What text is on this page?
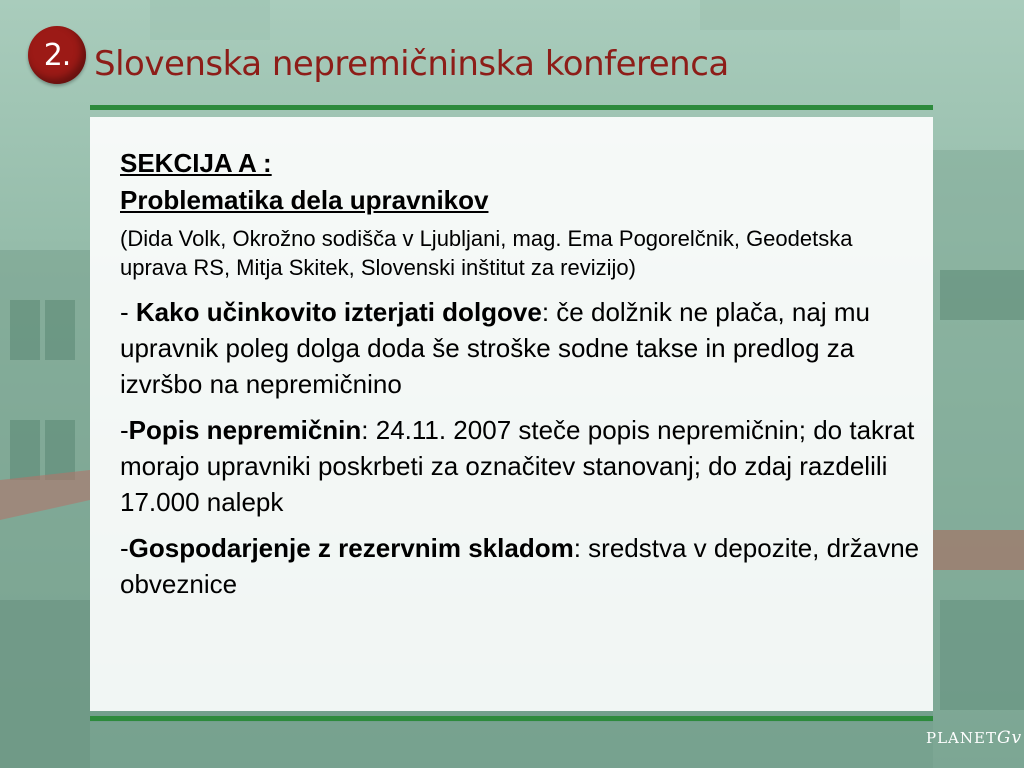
2. Slovenska nepremičninska konferenca

SEKCIJA A :

Problematika dela upravnikov

(Dida Volk, Okrožno sodišča v Ljubljani, mag. Ema Pogorelčnik, Geodetska uprava RS, Mitja Skitek, Slovenski inštitut za revizijo)

- Kako učinkovito izterjati dolgove: če dolžnik ne plača, naj mu upravnik poleg dolga doda še stroške sodne takse in predlog za izvršbo na nepremičnino

-Popis nepremičnin: 24.11. 2007 steče popis nepremičnin; do takrat morajo upravniki poskrbeti za označitev stanovanj; do zdaj razdelili 17.000 nalepk

-Gospodarjenje z rezervnim skladom: sredstva v depozite, državne obveznice

PLANETGv
